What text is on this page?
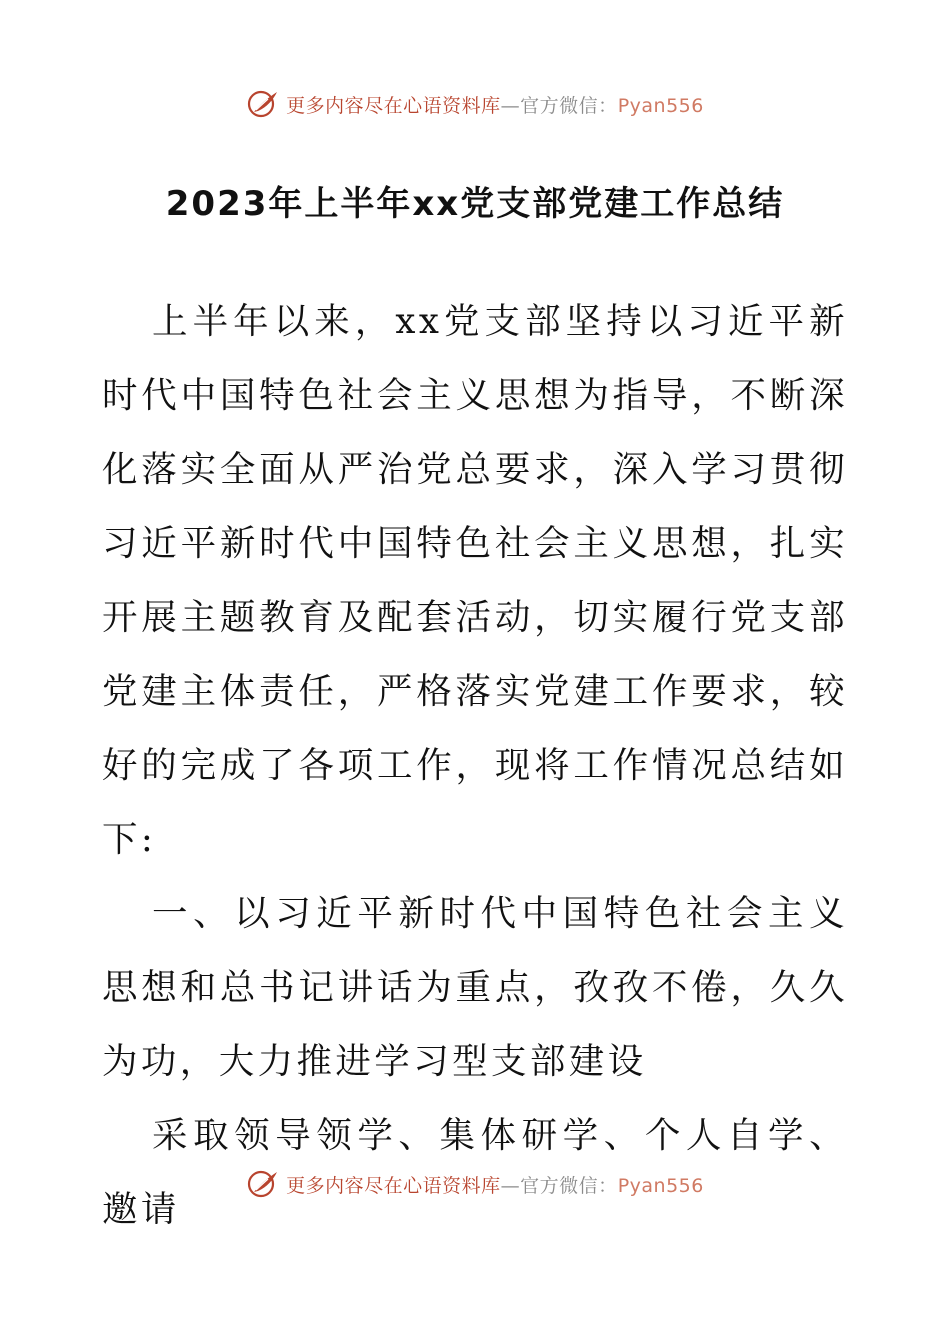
更多内容尽在心语资料库—官方微信：Pyan556
2023年上半年xx党支部党建工作总结

上半年以来，xx党支部坚持以习近平新时代中国特色社会主义思想为指导，不断深化落实全面从严治党总要求，深入学习贯彻习近平新时代中国特色社会主义思想，扎实开展主题教育及配套活动，切实履行党支部党建主体责任，严格落实党建工作要求，较好的完成了各项工作，现将工作情况总结如下:

一、以习近平新时代中国特色社会主义思想和总书记讲话为重点，孜孜不倦，久久为功，大力推进学习型支部建设

采取领导领学、集体研学、个人自学、邀请

更多内容尽在心语资料库—官方微信：Pyan556
